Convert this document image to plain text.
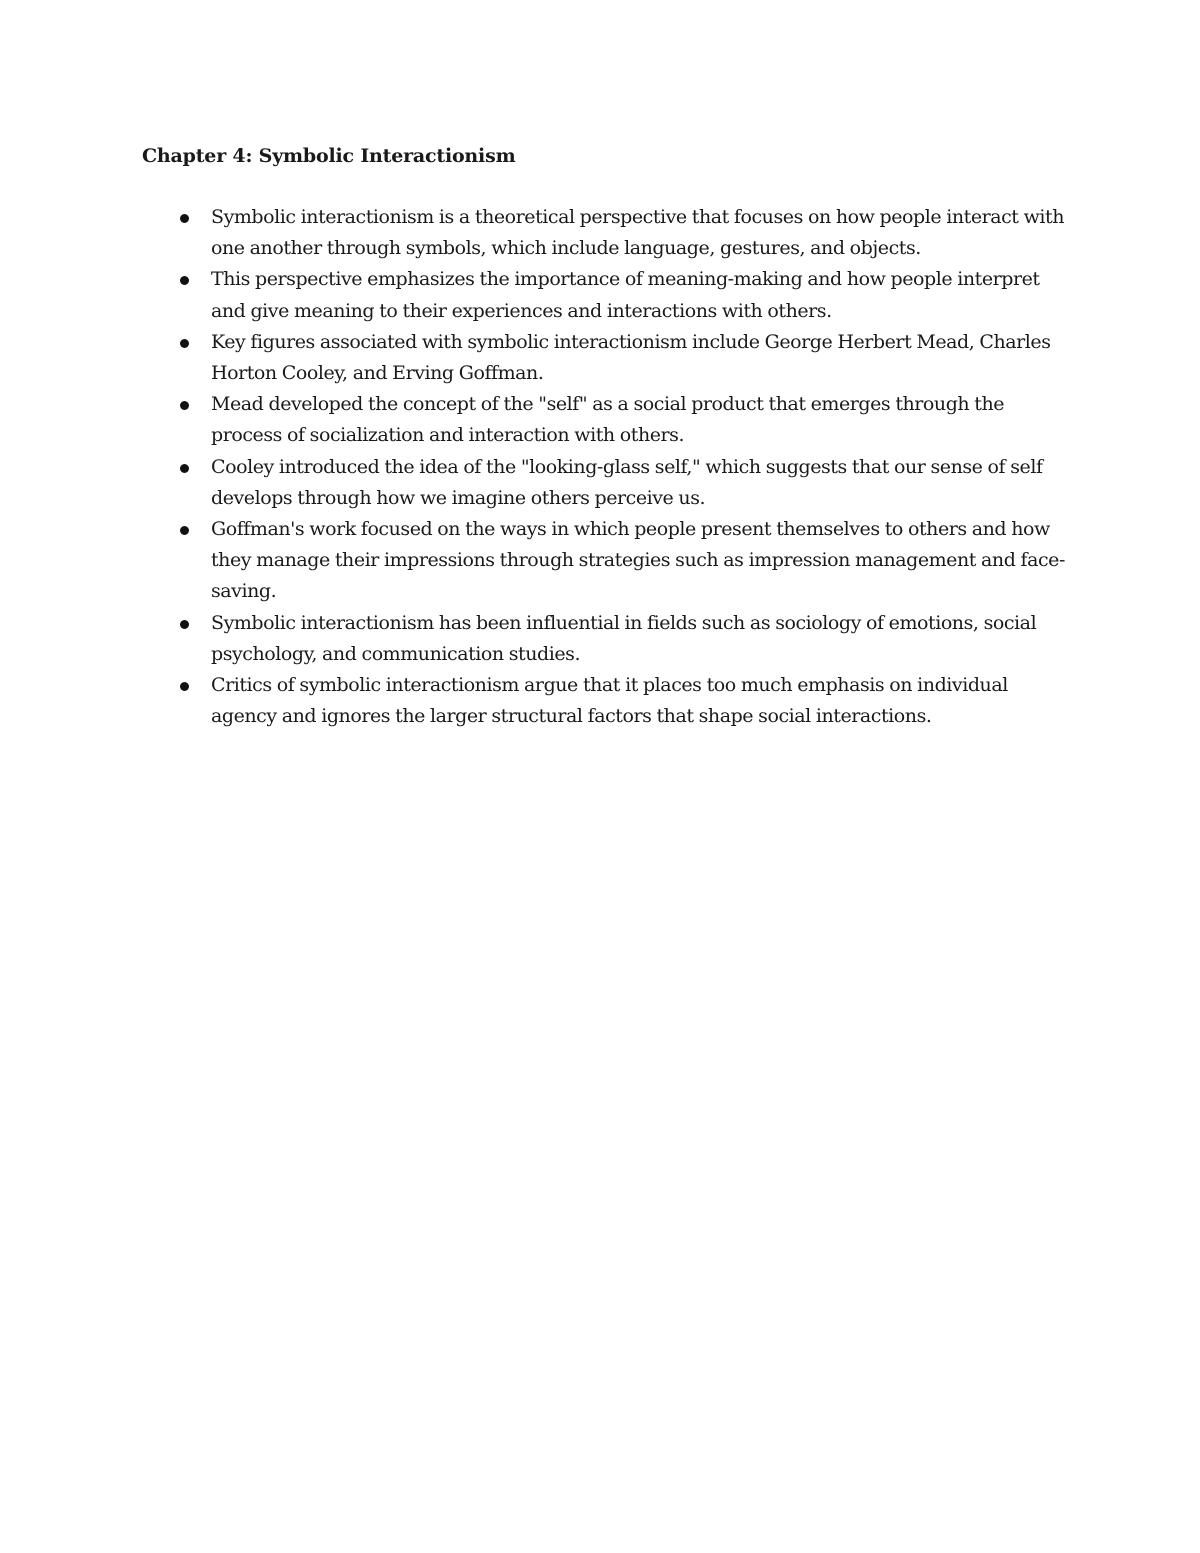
Chapter 4: Symbolic Interactionism
Symbolic interactionism is a theoretical perspective that focuses on how people interact with one another through symbols, which include language, gestures, and objects.
This perspective emphasizes the importance of meaning-making and how people interpret and give meaning to their experiences and interactions with others.
Key figures associated with symbolic interactionism include George Herbert Mead, Charles Horton Cooley, and Erving Goffman.
Mead developed the concept of the "self" as a social product that emerges through the process of socialization and interaction with others.
Cooley introduced the idea of the "looking-glass self," which suggests that our sense of self develops through how we imagine others perceive us.
Goffman's work focused on the ways in which people present themselves to others and how they manage their impressions through strategies such as impression management and face-saving.
Symbolic interactionism has been influential in fields such as sociology of emotions, social psychology, and communication studies.
Critics of symbolic interactionism argue that it places too much emphasis on individual agency and ignores the larger structural factors that shape social interactions.
